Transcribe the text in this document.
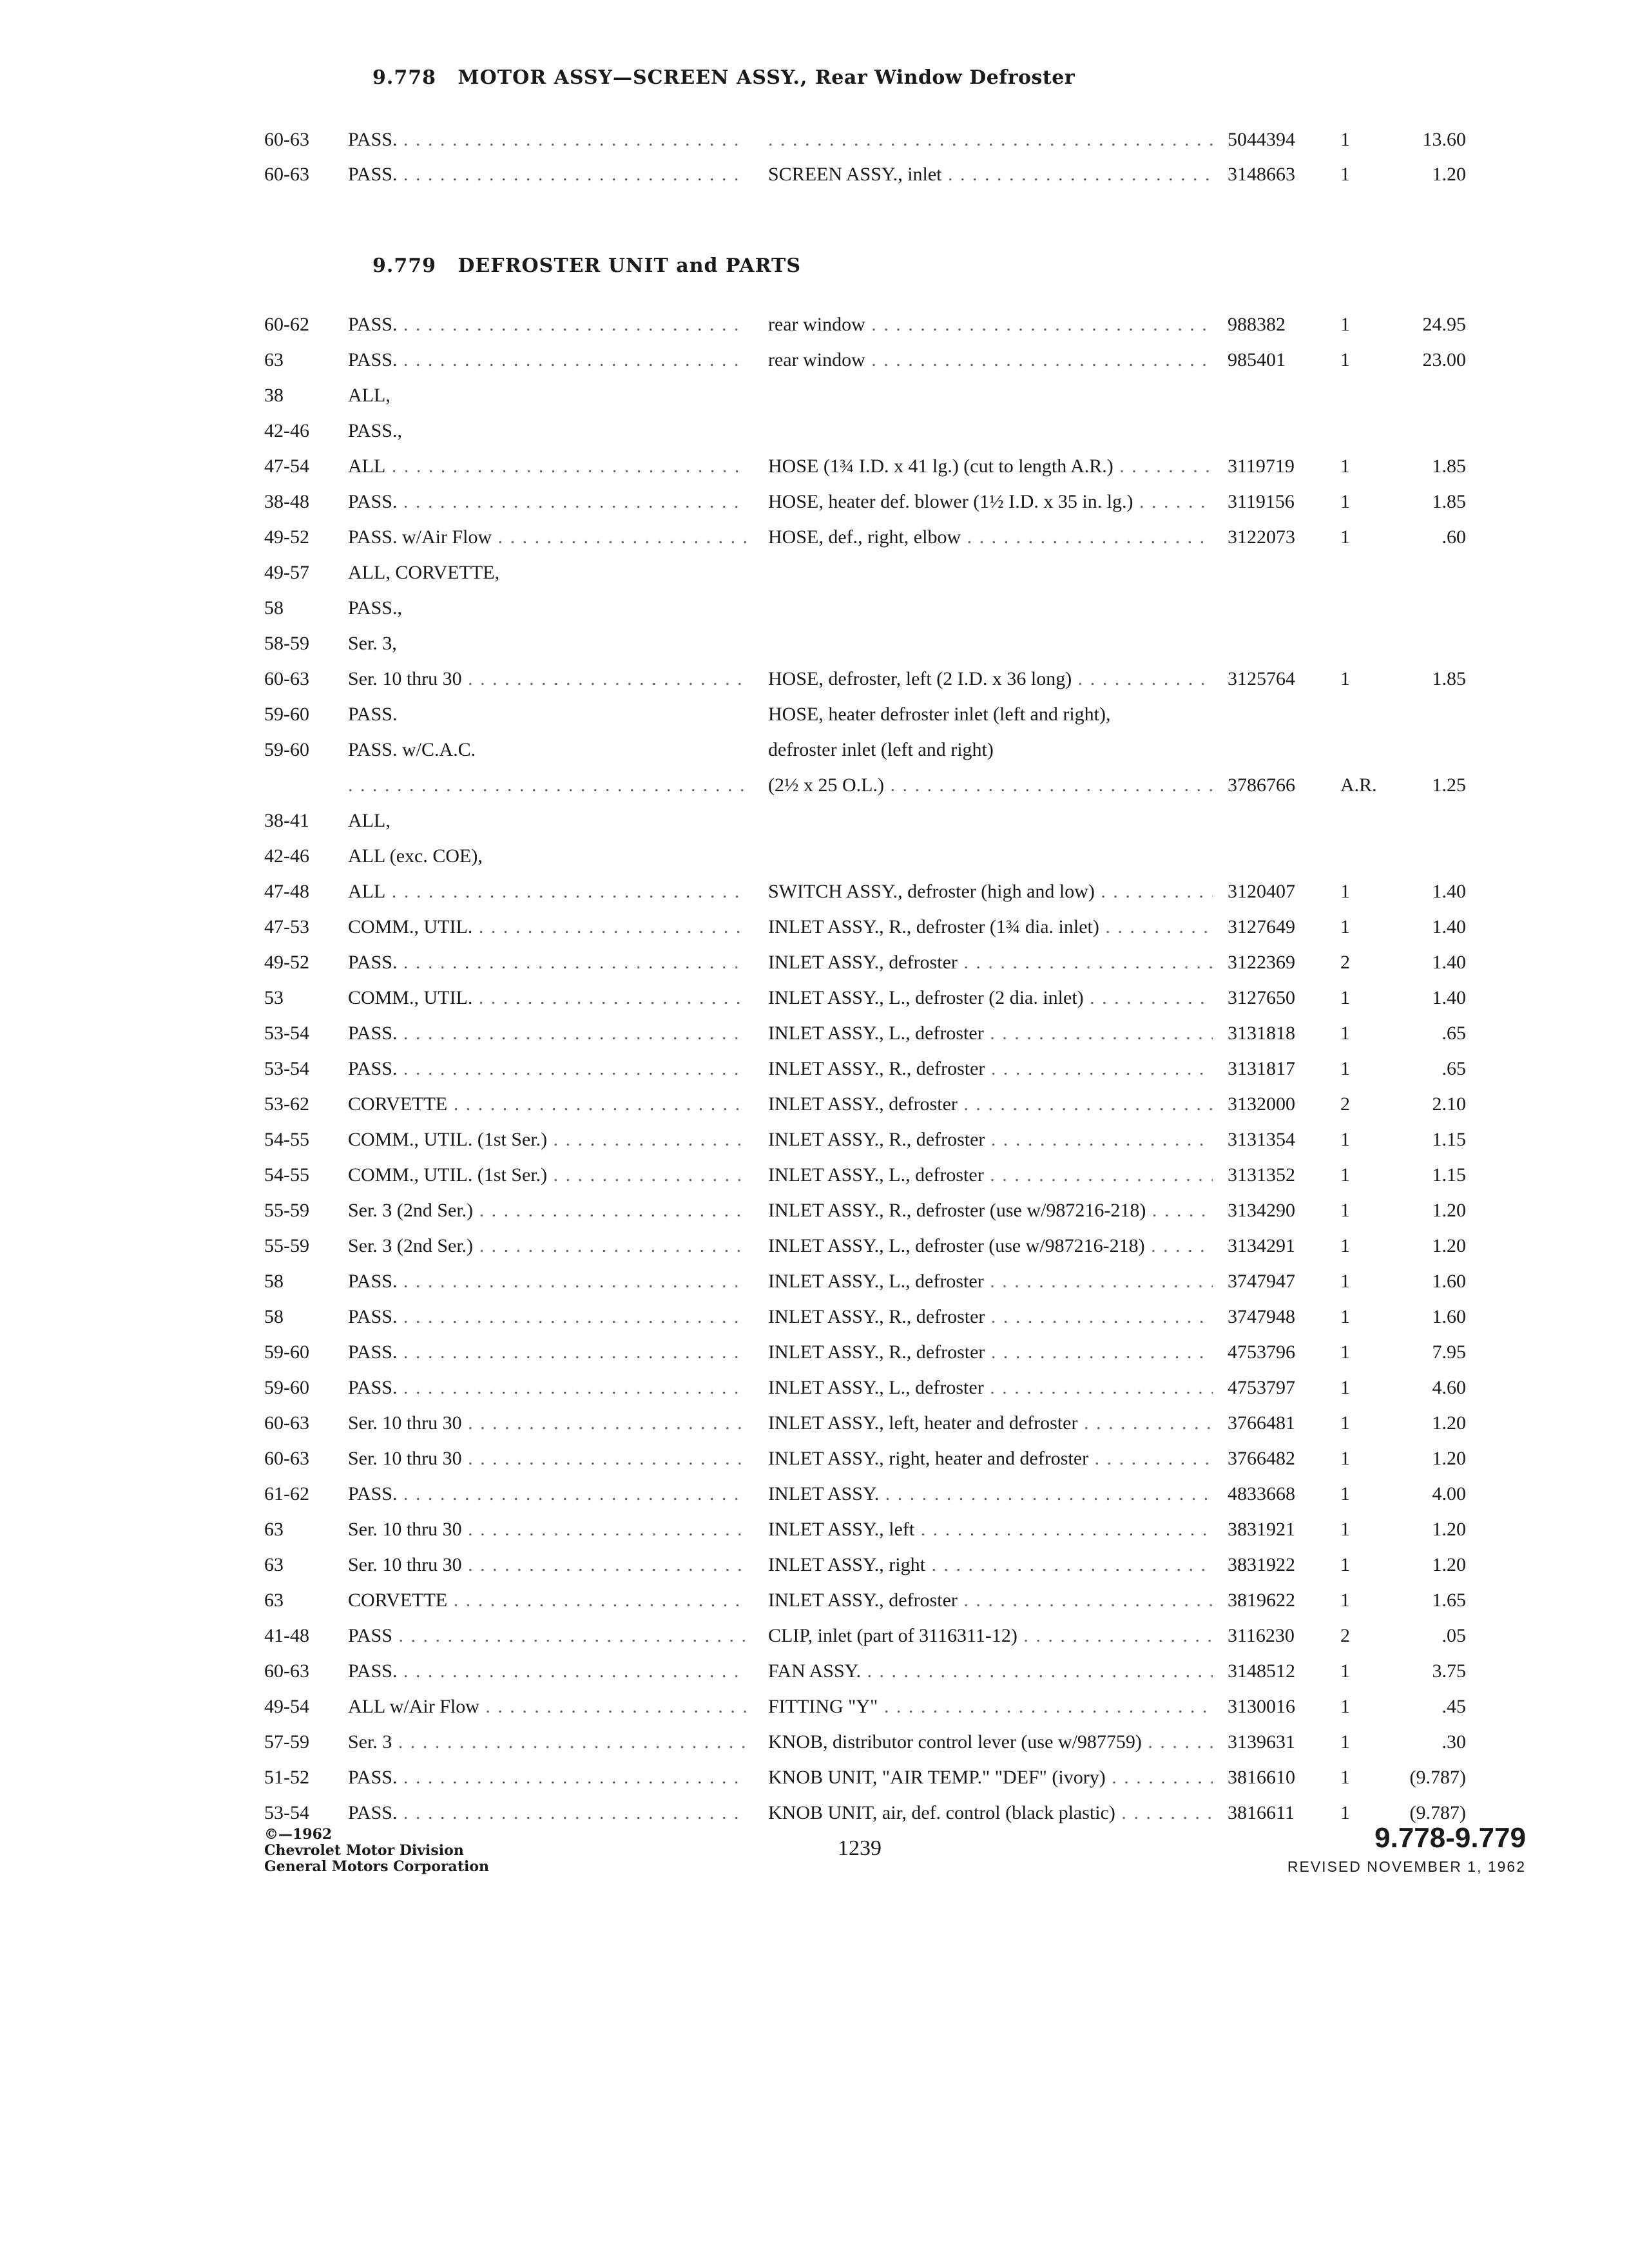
9.778 MOTOR ASSY—SCREEN ASSY., Rear Window Defroster
9.779 DEFROSTER UNIT and PARTS
60-63	PASS. . . .
. . .	5044394	1	13.60
60-63	PASS. . . .	SCREEN ASSY., inlet . . .	3148663	1	1.20
60-62	PASS. . . .	rear window . . .	988382	1	24.95
63	PASS. . . .	rear window . . .	985401	1	23.00
38	ALL,
42-46	PASS.,
47-54	ALL . . .	HOSE (1¾ I.D. x 41 lg.) (cut to length A.R.) . . .	3119719	1	1.85
38-48	PASS. . . .	HOSE, heater def. blower (1½ I.D. x 35 in. lg.) . . .	3119156	1	1.85
49-52	PASS. w/Air Flow . . .	HOSE, def., right, elbow . . .	3122073	1	.60
49-57	ALL, CORVETTE,
58	PASS.,
58-59	Ser. 3,
60-63	Ser. 10 thru 30 . . .	HOSE, defroster, left (2 I.D. x 36 long) . . .	3125764	1	1.85
59-60	PASS.	HOSE, heater defroster inlet (left and right),
59-60	PASS. w/C.A.C.	defroster inlet (left and right)
. . .
(2½ x 25 O.L.) . . .	3786766	A.R.	1.25
38-41	ALL,
42-46	ALL (exc. COE),
47-48	ALL . . .	SWITCH ASSY., defroster (high and low) . . .	3120407	1	1.40
47-53	COMM., UTIL. . . .	INLET ASSY., R., defroster (1¾ dia. inlet) . . .	3127649	1	1.40
49-52	PASS. . . .	INLET ASSY., defroster . . .	3122369	2	1.40
53	COMM., UTIL. . . .	INLET ASSY., L., defroster (2 dia. inlet) . . .	3127650	1	1.40
53-54	PASS. . . .	INLET ASSY., L., defroster . . .	3131818	1	.65
53-54	PASS. . . .	INLET ASSY., R., defroster . . .	3131817	1	.65
53-62	CORVETTE . . .	INLET ASSY., defroster . . .	3132000	2	2.10
54-55	COMM., UTIL. (1st Ser.) . . .	INLET ASSY., R., defroster . . .	3131354	1	1.15
54-55	COMM., UTIL. (1st Ser.) . . .	INLET ASSY., L., defroster . . .	3131352	1	1.15
55-59	Ser. 3 (2nd Ser.) . . .	INLET ASSY., R., defroster (use w/987216-218) . . .	3134290	1	1.20
55-59	Ser. 3 (2nd Ser.) . . .	INLET ASSY., L., defroster (use w/987216-218) . . .	3134291	1	1.20
58	PASS. . . .	INLET ASSY., L., defroster . . .	3747947	1	1.60
58	PASS. . . .	INLET ASSY., R., defroster . . .	3747948	1	1.60
59-60	PASS. . . .	INLET ASSY., R., defroster . . .	4753796	1	7.95
59-60	PASS. . . .	INLET ASSY., L., defroster . . .	4753797	1	4.60
60-63	Ser. 10 thru 30 . . .	INLET ASSY., left, heater and defroster . . .	3766481	1	1.20
60-63	Ser. 10 thru 30 . . .	INLET ASSY., right, heater and defroster . . .	3766482	1	1.20
61-62	PASS. . . .	INLET ASSY. . . .	4833668	1	4.00
63	Ser. 10 thru 30 . . .	INLET ASSY., left . . .	3831921	1	1.20
63	Ser. 10 thru 30 . . .	INLET ASSY., right . . .	3831922	1	1.20
63	CORVETTE . . .	INLET ASSY., defroster . . .	3819622	1	1.65
41-48	PASS . . .	CLIP, inlet (part of 3116311-12) . . .	3116230	2	.05
60-63	PASS. . . .	FAN ASSY. . . .	3148512	1	3.75
49-54	ALL w/Air Flow . . .	FITTING "Y" . . .	3130016	1	.45
57-59	Ser. 3 . . .	KNOB, distributor control lever (use w/987759) . . .	3139631	1	.30
51-52	PASS. . . .	KNOB UNIT, "AIR TEMP." "DEF" (ivory) . . .	3816610	1	(9.787)
53-54	PASS. . . .	KNOB UNIT, air, def. control (black plastic) . . .	3816611	1	(9.787)
©—1962
Chevrolet Motor Division
General Motors Corporation
1239	9.778-9.779
REVISED NOVEMBER 1, 1962
